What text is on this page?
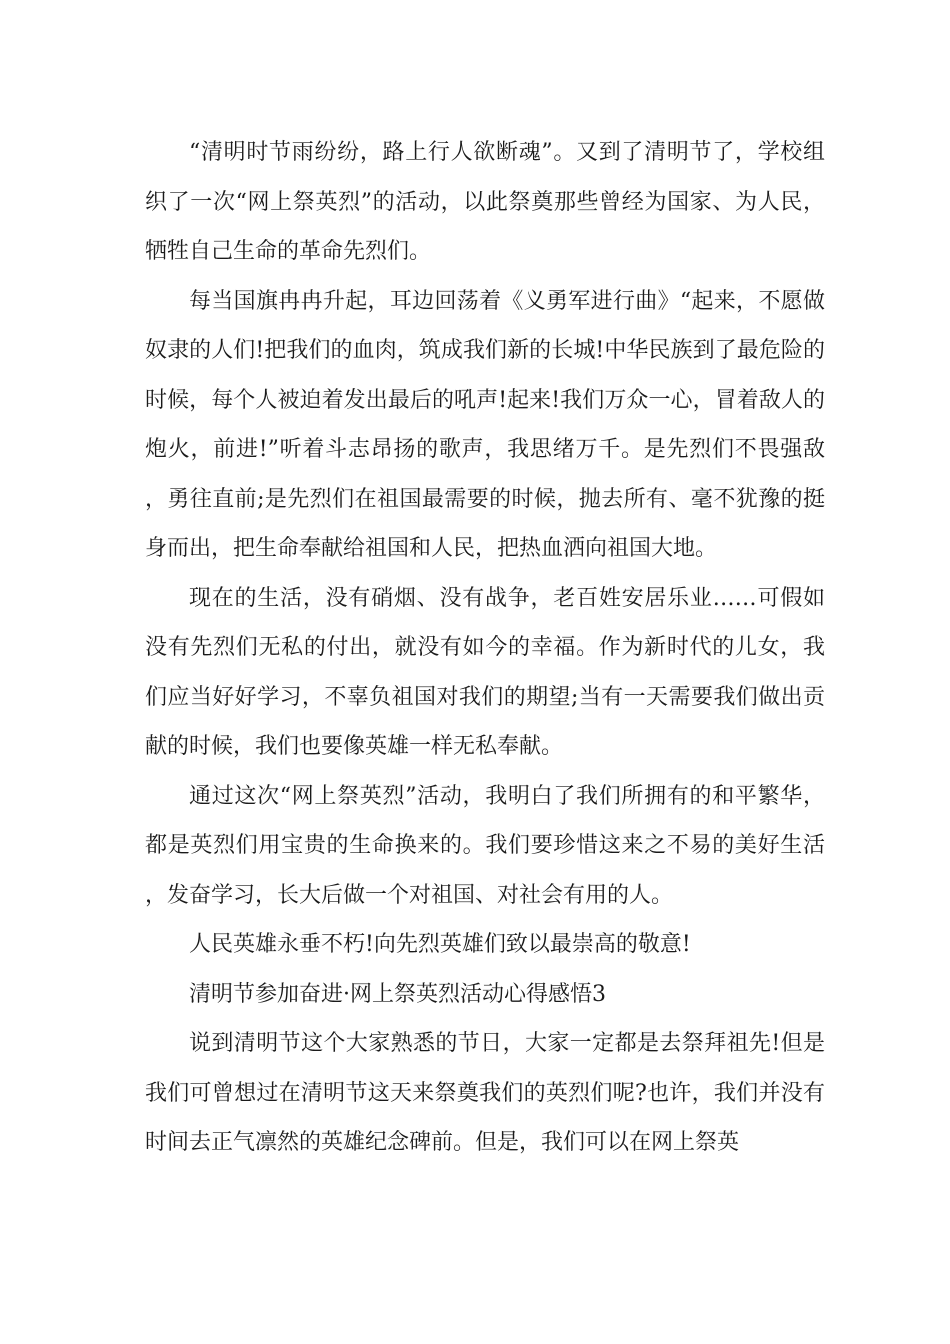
“清明时节雨纷纷，路上行人欲断魂”。又到了清明节了，学校组织了一次“网上祭英烈”的活动，以此祭奠那些曾经为国家、为人民，牺牲自己生命的革命先烈们。

每当国旗冉冉升起，耳边回荡着《义勇军进行曲》“起来，不愿做奴隶的人们!把我们的血肉，筑成我们新的长城!中华民族到了最危险的时候，每个人被迫着发出最后的吼声!起来!我们万众一心，冒着敌人的炮火，前进!”听着斗志昂扬的歌声，我思绪万千。是先烈们不畏强敌，勇往直前;是先烈们在祖国最需要的时候，抛去所有、毫不犹豫的挺身而出，把生命奉献给祖国和人民，把热血洒向祖国大地。

现在的生活，没有硝烟、没有战争，老百姓安居乐业……可假如没有先烈们无私的付出，就没有如今的幸福。作为新时代的儿女，我们应当好好学习，不辜负祖国对我们的期望;当有一天需要我们做出贡献的时候，我们也要像英雄一样无私奉献。

通过这次“网上祭英烈”活动，我明白了我们所拥有的和平繁华，都是英烈们用宝贵的生命换来的。我们要珍惜这来之不易的美好生活，发奋学习，长大后做一个对祖国、对社会有用的人。

人民英雄永垂不朽!向先烈英雄们致以最崇高的敬意!

清明节参加奋进·网上祭英烈活动心得感悟3

说到清明节这个大家熟悉的节日，大家一定都是去祭拜祖先!但是我们可曾想过在清明节这天来祭奠我们的英烈们呢?也许，我们并没有时间去正气凛然的英雄纪念碑前。但是，我们可以在网上祭英
